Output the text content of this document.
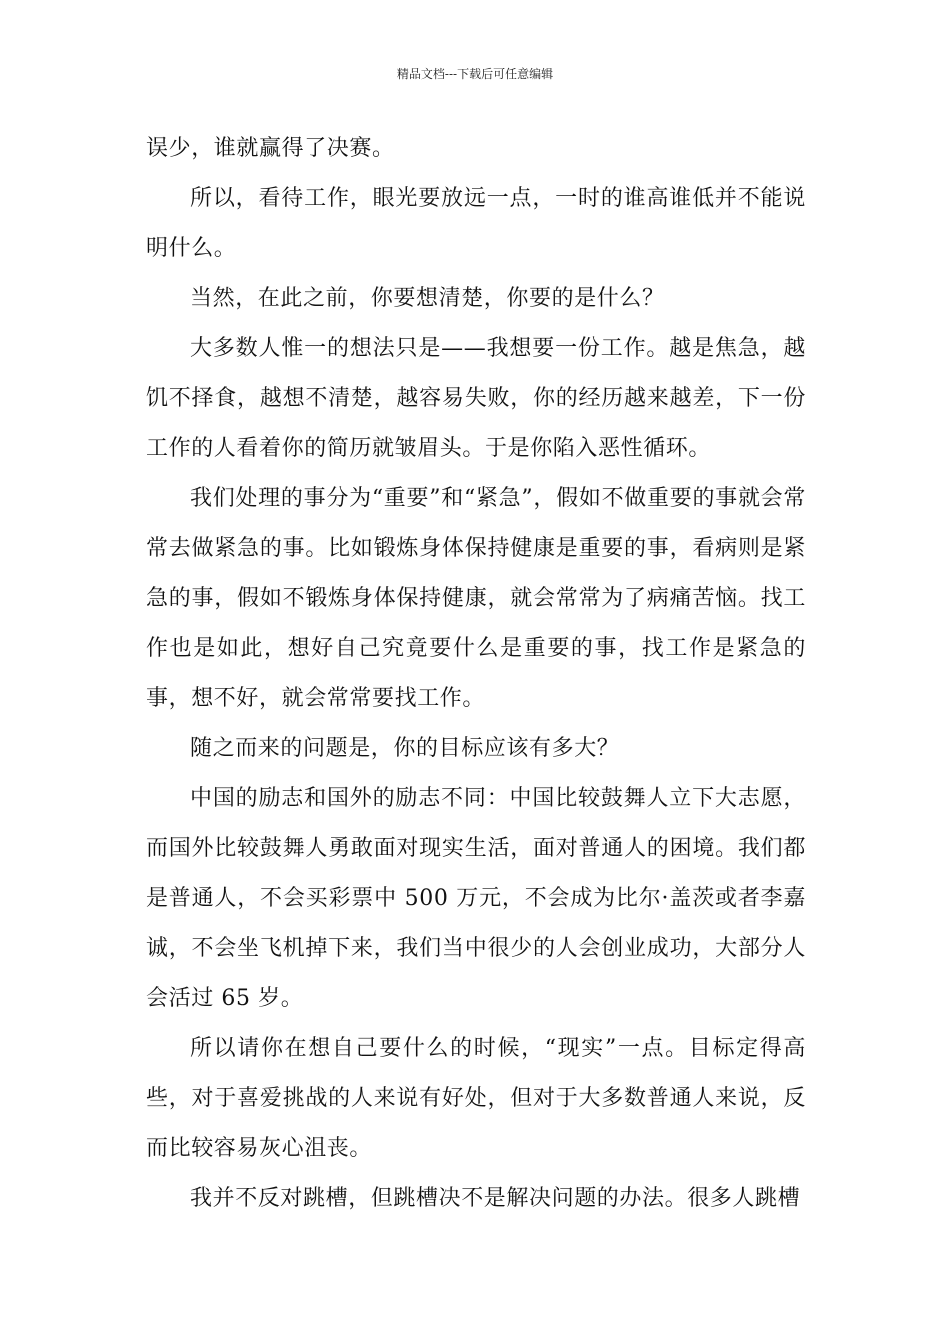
精品文档---下载后可任意编辑

误少，谁就赢得了决赛。

所以，看待工作，眼光要放远一点，一时的谁高谁低并不能说明什么。

当然，在此之前，你要想清楚，你要的是什么？

大多数人惟一的想法只是——我想要一份工作。越是焦急，越饥不择食，越想不清楚，越容易失败，你的经历越来越差，下一份工作的人看着你的简历就皱眉头。于是你陷入恶性循环。

我们处理的事分为“重要”和“紧急”，假如不做重要的事就会常常去做紧急的事。比如锻炼身体保持健康是重要的事，看病则是紧急的事，假如不锻炼身体保持健康，就会常常为了病痛苦恼。找工作也是如此，想好自己究竟要什么是重要的事，找工作是紧急的事，想不好，就会常常要找工作。

随之而来的问题是，你的目标应该有多大？

中国的励志和国外的励志不同：中国比较鼓舞人立下大志愿，而国外比较鼓舞人勇敢面对现实生活，面对普通人的困境。我们都是普通人，不会买彩票中 500 万元，不会成为比尔·盖茨或者李嘉诚，不会坐飞机掉下来，我们当中很少的人会创业成功，大部分人会活过 65 岁。

所以请你在想自己要什么的时候，“现实”一点。目标定得高些，对于喜爱挑战的人来说有好处，但对于大多数普通人来说，反而比较容易灰心沮丧。

我并不反对跳槽，但跳槽决不是解决问题的办法。很多人跳槽
